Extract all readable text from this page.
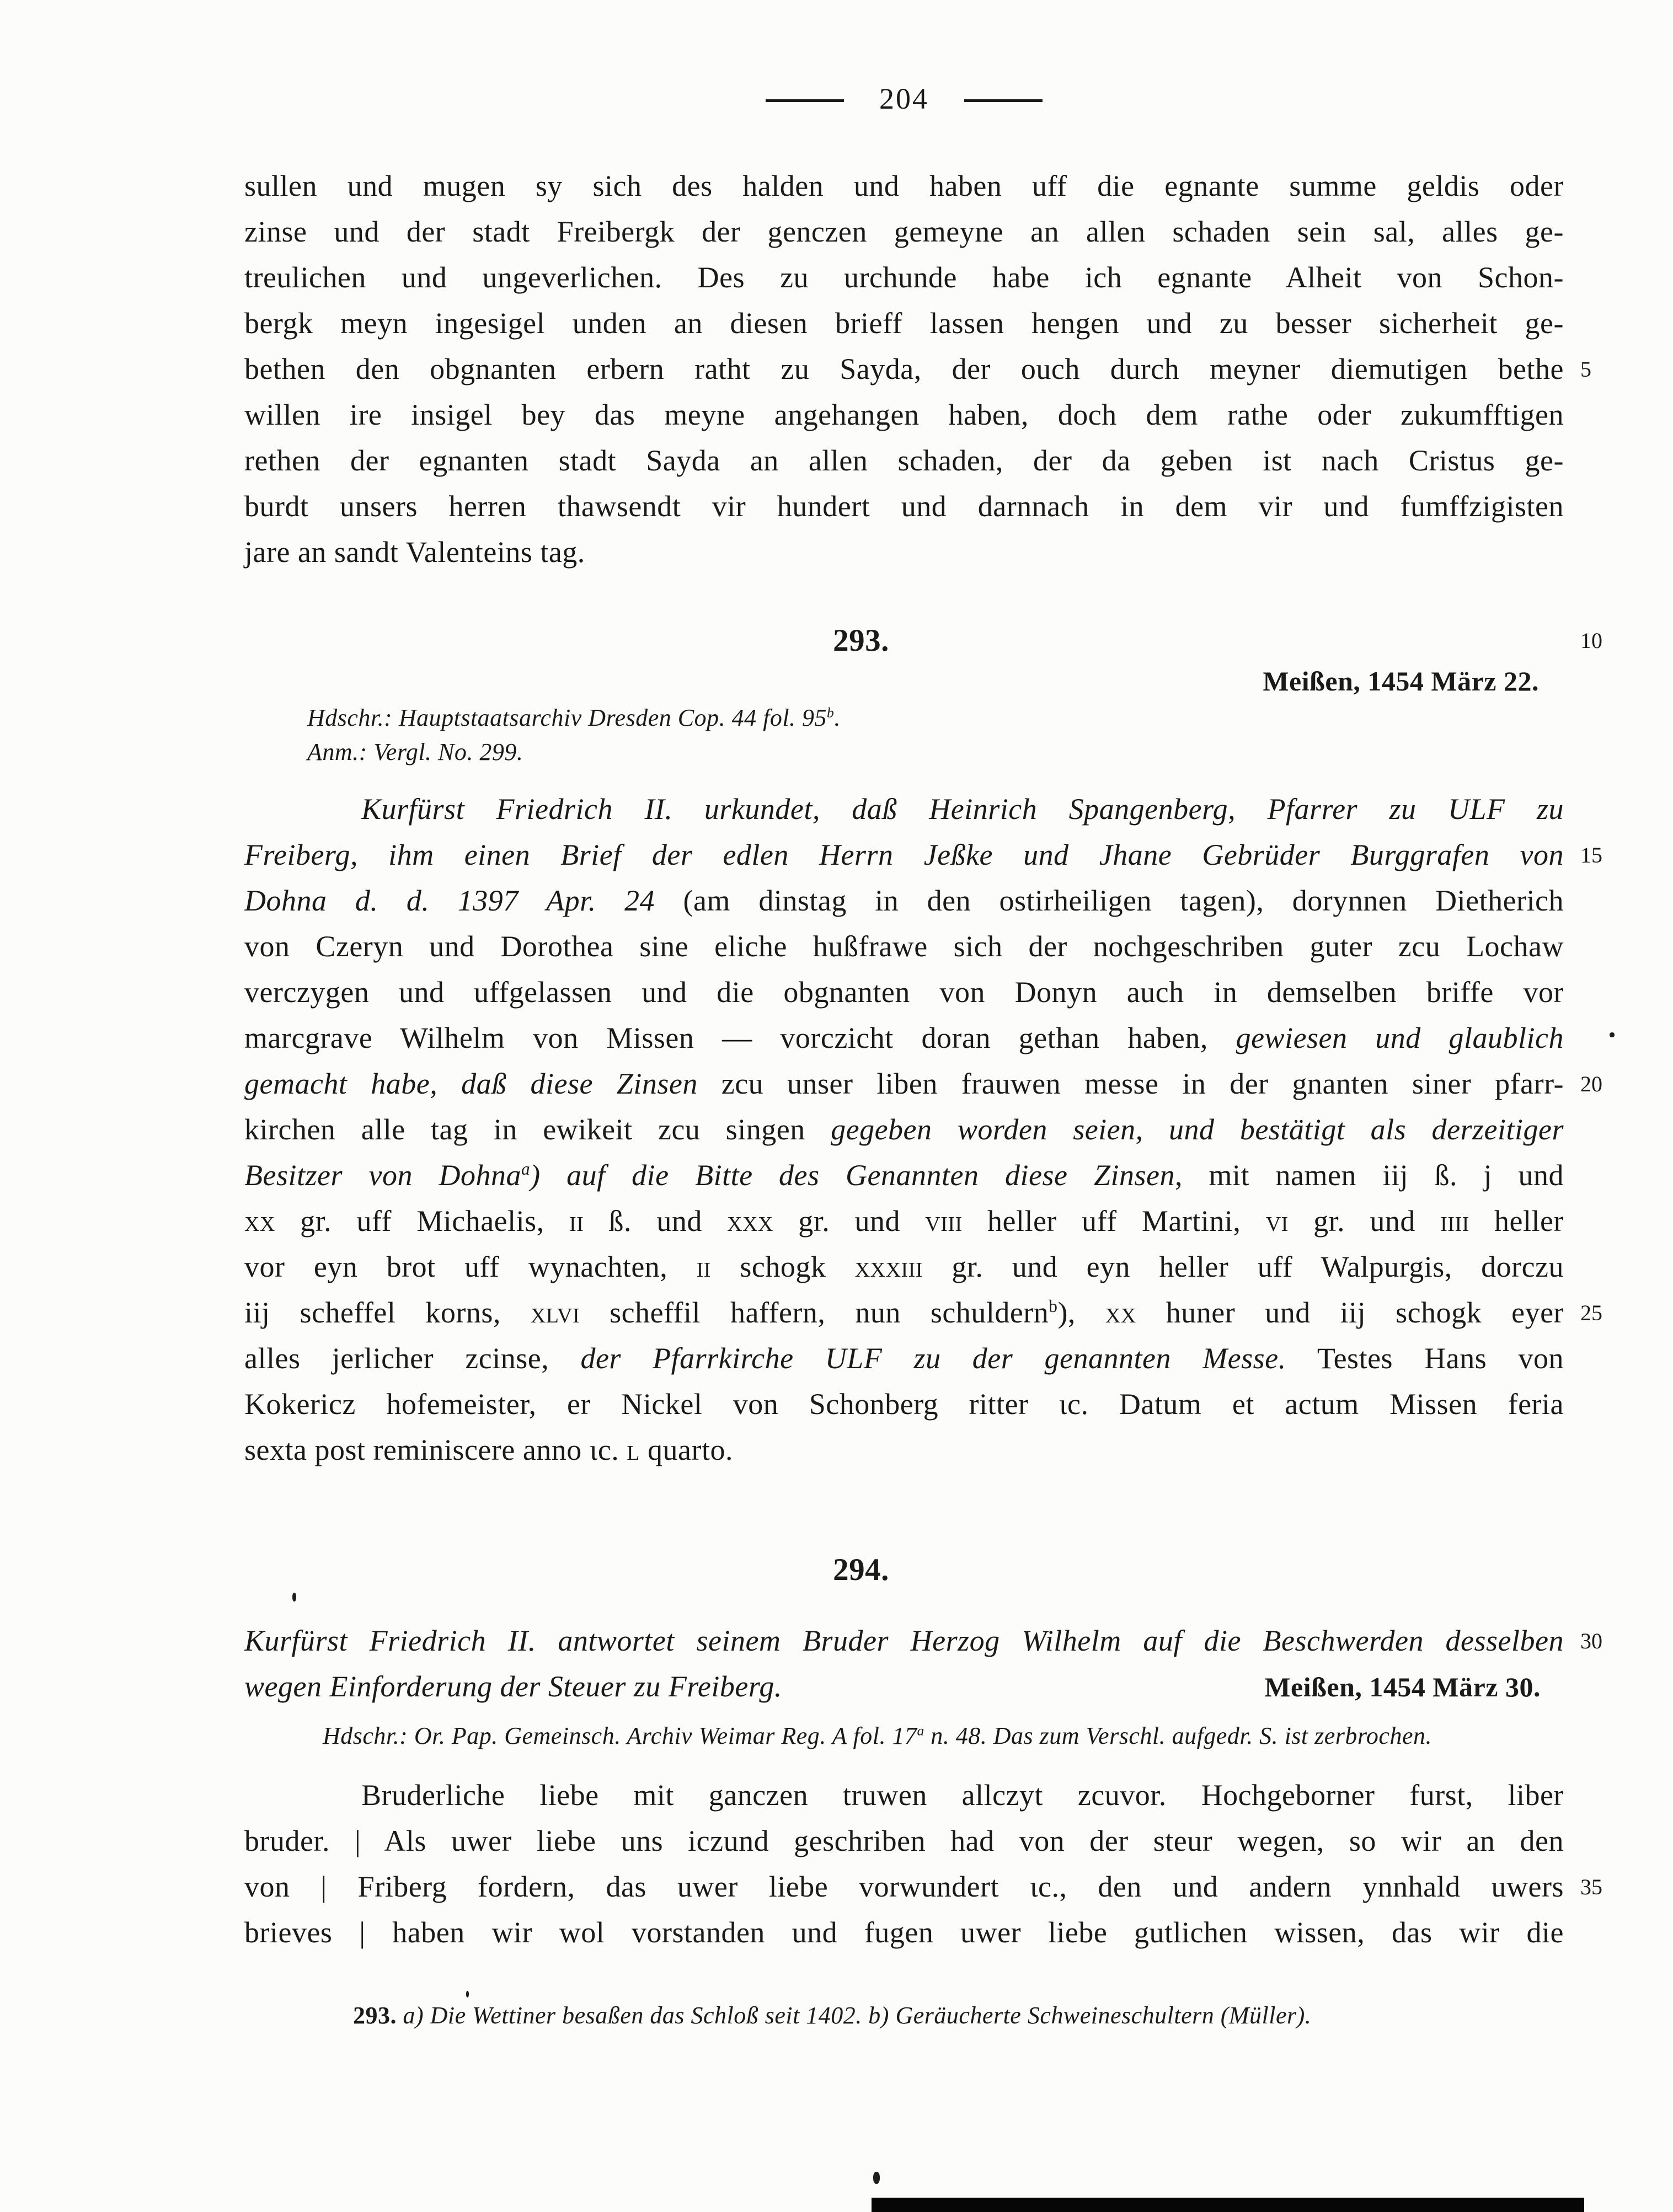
204
sullen und mugen sy sich des halden und haben uff die egnante summe geldis oder
zinse und der stadt Freibergk der genczen gemeyne an allen schaden sein sal, alles ge-
treulichen und ungeverlichen. Des zu urchunde habe ich egnante Alheit von Schon-
bergk meyn ingesigel unden an diesen brieff lassen hengen und zu besser sicherheit ge-
bethen den obgnanten erbern ratht zu Sayda, der ouch durch meyner diemutigen bethe 5
willen ire insigel bey das meyne angehangen haben, doch dem rathe oder zukumfftigen
rethen der egnanten stadt Sayda an allen schaden, der da geben ist nach Cristus ge-
burdt unsers herren thawsendt vir hundert und darnnach in dem vir und fumffzigisten
jare an sandt Valenteins tag.
293.	10
Meißen, 1454 März 22.
Hdschr.: Hauptstaatsarchiv Dresden Cop. 44 fol. 95$^b$.
Anm.: Vergl. No. 299.
Kurfürst Friedrich II. urkundet, daß Heinrich Spangenberg, Pfarrer zu ULF zu
Freiberg, ihm einen Brief der edlen Herrn Jeßke und Jhane Gebrüder Burggrafen von 15
Dohna d. d. 1397 Apr. 24 (am dinstag in den ostirheiligen tagen), dorynnen Dietherich
von Czeryn und Dorothea sine eliche hußfrawe sich der nochgeschriben guter zcu Lochaw
verczygen und uffgelassen und die obgnanten von Donyn auch in demselben briffe vor
marcgrave Wilhelm von Missen — vorczicht doran gethan haben, gewiesen und glaublich
gemacht habe, daß diese Zinsen zcu unser liben frauwen messe in der gnanten siner pfarr- 20
kirchen alle tag in ewikeit zcu singen gegeben worden seien, und bestätigt als derzeitiger
Besitzer von Dohna$^a$) auf die Bitte des Genannten diese Zinsen, mit namen iij ß. j und
xx gr. uff Michaelis, ii ß. und xxx gr. und viii heller uff Martini, vi gr. und iiii heller
vor eyn brot uff wynachten, ii schogk xxxiii gr. und eyn heller uff Walpurgis, dorczu
iij scheffel korns, xlvi scheffil haffern, nun schuldern$^b$), xx huner und iij schogk eyer 25
alles jerlicher zcinse, der Pfarrkirche ULF zu der genannten Messe. Testes Hans von
Kokericz hofemeister, er Nickel von Schonberg ritter ɩc. Datum et actum Missen feria
sexta post reminiscere anno ɩc. l quarto.
294.
Kurfürst Friedrich II. antwortet seinem Bruder Herzog Wilhelm auf die Beschwerden desselben 30
wegen Einforderung der Steuer zu Freiberg.	Meißen, 1454 März 30.
Hdschr.: Or. Pap. Gemeinsch. Archiv Weimar Reg. A fol. 17$^a$ n. 48. Das zum Verschl. aufgedr. S. ist zerbrochen.
Bruderliche liebe mit ganczen truwen allczyt zcuvor. Hochgeborner furst, liber
bruder. | Als uwer liebe uns iczund geschriben had von der steur wegen, so wir an den
von | Friberg fordern, das uwer liebe vorwundert ɩc., den und andern ynnhald uwers 35
brieves | haben wir wol vorstanden und fugen uwer liebe gutlichen wissen, das wir die
293. a) Die Wettiner besaßen das Schloß seit 1402. b) Geräucherte Schweineschultern (Müller).
